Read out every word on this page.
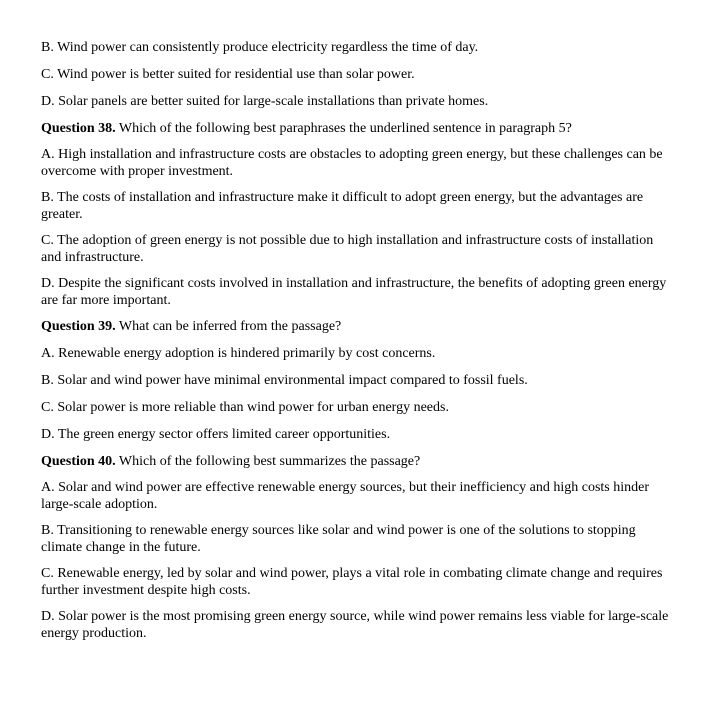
B. Wind power can consistently produce electricity regardless the time of day.

C. Wind power is better suited for residential use than solar power.

D. Solar panels are better suited for large-scale installations than private homes.

Question 38. Which of the following best paraphrases the underlined sentence in paragraph 5?

A. High installation and infrastructure costs are obstacles to adopting green energy, but these challenges can be overcome with proper investment.

B. The costs of installation and infrastructure make it difficult to adopt green energy, but the advantages are greater.

C. The adoption of green energy is not possible due to high installation and infrastructure costs of installation and infrastructure.

D. Despite the significant costs involved in installation and infrastructure, the benefits of adopting green energy are far more important.

Question 39. What can be inferred from the passage?

A. Renewable energy adoption is hindered primarily by cost concerns.

B. Solar and wind power have minimal environmental impact compared to fossil fuels.

C. Solar power is more reliable than wind power for urban energy needs.

D. The green energy sector offers limited career opportunities.

Question 40. Which of the following best summarizes the passage?

A. Solar and wind power are effective renewable energy sources, but their inefficiency and high costs hinder large-scale adoption.

B. Transitioning to renewable energy sources like solar and wind power is one of the solutions to stopping climate change in the future.

C. Renewable energy, led by solar and wind power, plays a vital role in combating climate change and requires further investment despite high costs.

D. Solar power is the most promising green energy source, while wind power remains less viable for large-scale energy production.
